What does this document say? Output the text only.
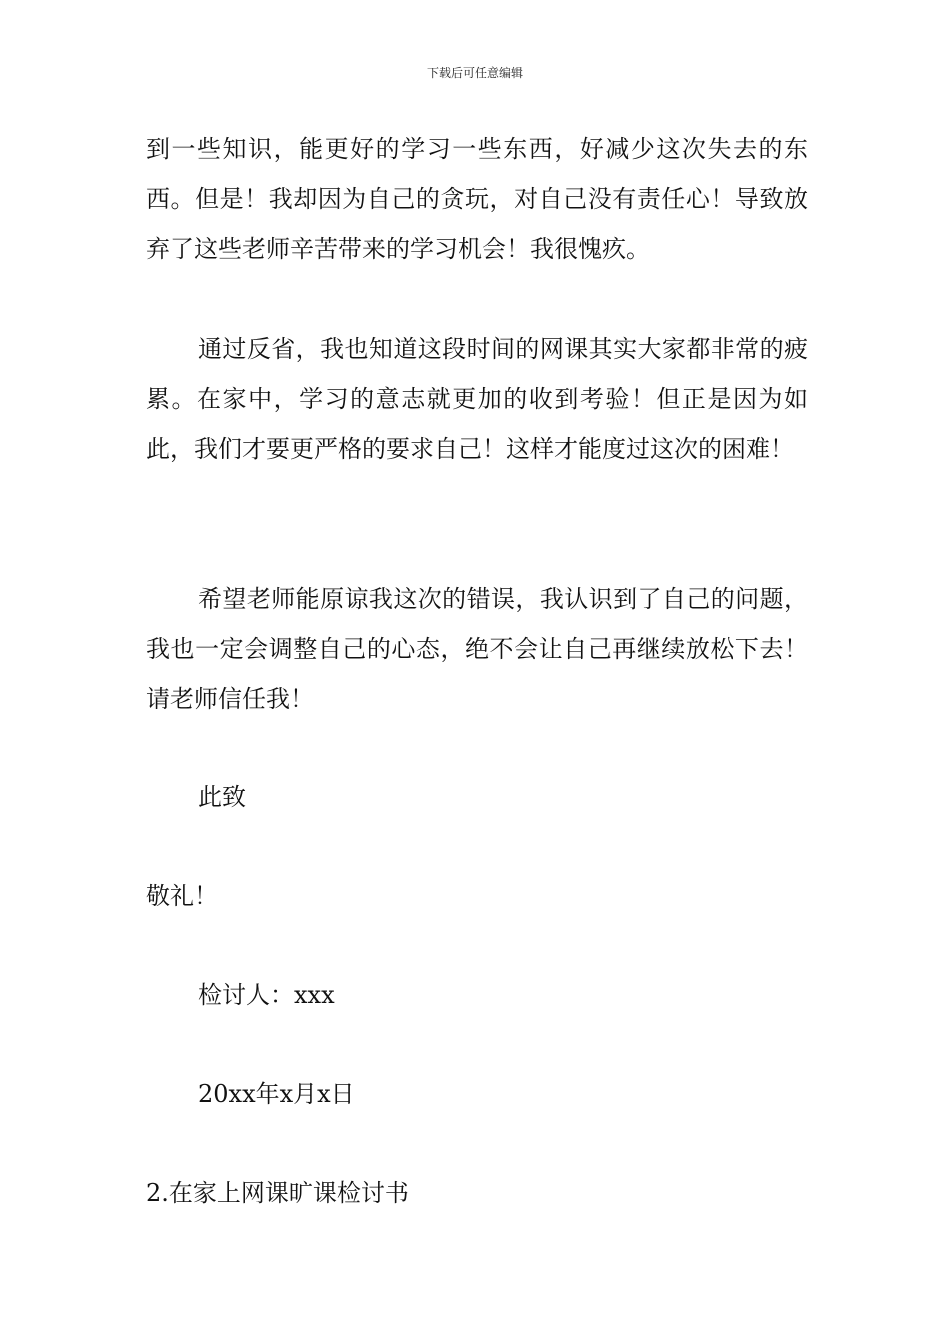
下载后可任意编辑

到一些知识，能更好的学习一些东西，好减少这次失去的东西。但是！我却因为自己的贪玩，对自己没有责任心！导致放弃了这些老师辛苦带来的学习机会！我很愧疚。

通过反省，我也知道这段时间的网课其实大家都非常的疲累。在家中，学习的意志就更加的收到考验！但正是因为如此，我们才要更严格的要求自己！这样才能度过这次的困难！

希望老师能原谅我这次的错误，我认识到了自己的问题，我也一定会调整自己的心态，绝不会让自己再继续放松下去！请老师信任我！

此致

敬礼！

检讨人：xxx

20xx年x月x日

2.在家上网课旷课检讨书
